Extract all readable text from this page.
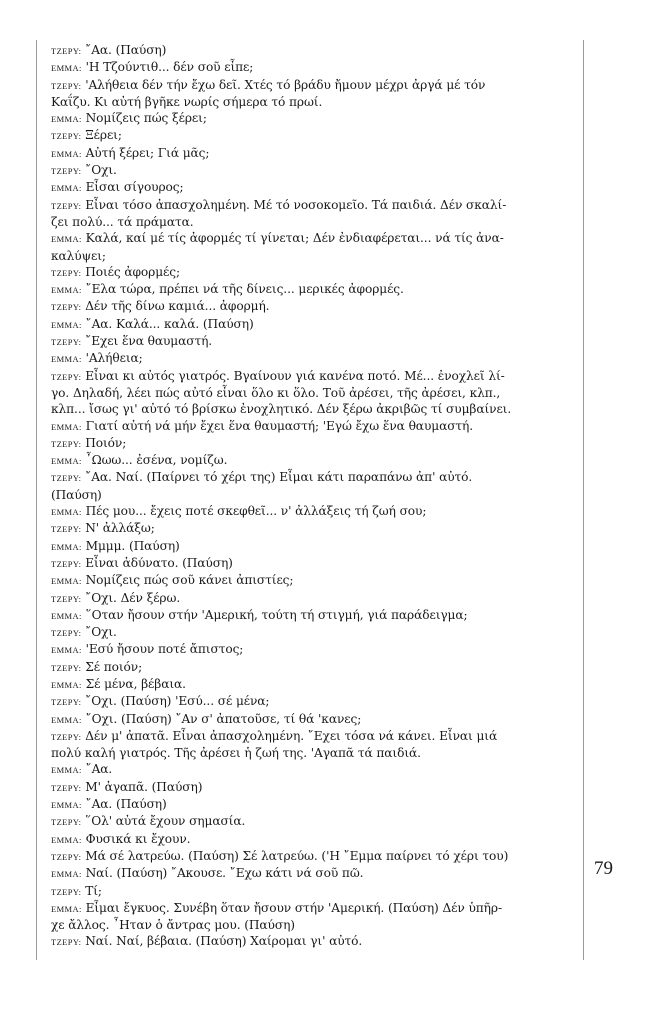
ΤΖΕΡΥ: ῎Αα. (Παύση)
EMMA: 'Η Τζούντιθ... δέν σοῦ εἶπε;
ΤΖΕΡΥ: 'Αλήθεια δέν τήν ἔχω δεῖ. Χτές τό βράδυ ἤμουν μέχρι ἀργά μέ τόν
Καΐζυ. Κι αὐτή βγῆκε νωρίς σήμερα τό πρωί.
EMMA: Νομίζεις πώς ξέρει;
ΤΖΕΡΥ: Ξέρει;
EMMA: Αὐτή ξέρει; Γιά μᾶς;
ΤΖΕΡΥ: ῎Οχι.
EMMA: Εἶσαι σίγουρος;
ΤΖΕΡΥ: Εἶναι τόσο ἀπασχολημένη. Μέ τό νοσοκομεῖο. Τά παιδιά. Δέν σκαλί-
ζει πολύ... τά πράματα.
EMMA: Καλά, καί μέ τίς ἀφορμές τί γίνεται; Δέν ἐνδιαφέρεται... νά τίς ἀνα-
καλύψει;
ΤΖΕΡΥ: Ποιές ἀφορμές;
EMMA: ῎Ελα τώρα, πρέπει νά τῆς δίνεις... μερικές ἀφορμές.
ΤΖΕΡΥ: Δέν τῆς δίνω καμιά... ἀφορμή.
EMMA: ῎Αα. Καλά... καλά. (Παύση)
ΤΖΕΡΥ: ῎Εχει ἕνα θαυμαστή.
EMMA: 'Αλήθεια;
ΤΖΕΡΥ: Εἶναι κι αὐτός γιατρός. Βγαίνουν γιά κανένα ποτό. Μέ... ἐνοχλεῖ λί-
γο. Δηλαδή, λέει πώς αὐτό εἶναι ὅλο κι ὅλο. Τοῦ ἀρέσει, τῆς ἀρέσει, κλπ.,
κλπ... ἴσως γι' αὐτό τό βρίσκω ἐνοχλητικό. Δέν ξέρω ἀκριβῶς τί συμβαίνει.
EMMA: Γιατί αὐτή νά μήν ἔχει ἕνα θαυμαστή; 'Εγώ ἔχω ἕνα θαυμαστή.
ΤΖΕΡΥ: Ποιόν;
EMMA: ῏Ωωω... ἐσένα, νομίζω.
ΤΖΕΡΥ: ῎Αα. Ναί. (Παίρνει τό χέρι της) Εἶμαι κάτι παραπάνω ἀπ' αὐτό.
(Παύση)
EMMA: Πές μου... ἔχεις ποτέ σκεφθεῖ... ν' ἀλλάξεις τή ζωή σου;
ΤΖΕΡΥ: Ν' ἀλλάξω;
EMMA: Μμμμ. (Παύση)
ΤΖΕΡΥ: Εἶναι ἀδύνατο. (Παύση)
EMMA: Νομίζεις πώς σοῦ κάνει ἀπιστίες;
ΤΖΕΡΥ: ῎Οχι. Δέν ξέρω.
EMMA: ῞Οταν ἤσουν στήν 'Αμερική, τούτη τή στιγμή, γιά παράδειγμα;
ΤΖΕΡΥ: ῎Οχι.
EMMA: 'Εσύ ἤσουν ποτέ ἄπιστος;
ΤΖΕΡΥ: Σέ ποιόν;
EMMA: Σέ μένα, βέβαια.
ΤΖΕΡΥ: ῎Οχι. (Παύση) 'Εσύ... σέ μένα;
EMMA: ῎Οχι. (Παύση) ῎Αν σ' ἀπατοῦσε, τί θά 'κανες;
ΤΖΕΡΥ: Δέν μ' ἀπατᾶ. Εἶναι ἀπασχολημένη. ῎Εχει τόσα νά κάνει. Εἶναι μιά
πολύ καλή γιατρός. Τῆς ἀρέσει ἡ ζωή της. 'Αγαπᾶ τά παιδιά.
EMMA: ῎Αα.
ΤΖΕΡΥ: Μ' ἀγαπᾶ. (Παύση)
EMMA: ῎Αα. (Παύση)
ΤΖΕΡΥ: ῞Ολ' αὐτά ἔχουν σημασία.
EMMA: Φυσικά κι ἔχουν.
ΤΖΕΡΥ: Μά σέ λατρεύω. (Παύση) Σέ λατρεύω. ('Η ῎Εμμα παίρνει τό χέρι του)
EMMA: Ναί. (Παύση) ῎Ακουσε. ῎Εχω κάτι νά σοῦ πῶ.
ΤΖΕΡΥ: Τί;
EMMA: Εἶμαι ἔγκυος. Συνέβη ὅταν ἤσουν στήν 'Αμερική. (Παύση) Δέν ὑπῆρ-
χε ἄλλος. ῏Ηταν ὁ ἄντρας μου. (Παύση)
ΤΖΕΡΥ: Ναί. Ναί, βέβαια. (Παύση) Χαίρομαι γι' αὐτό.
79
